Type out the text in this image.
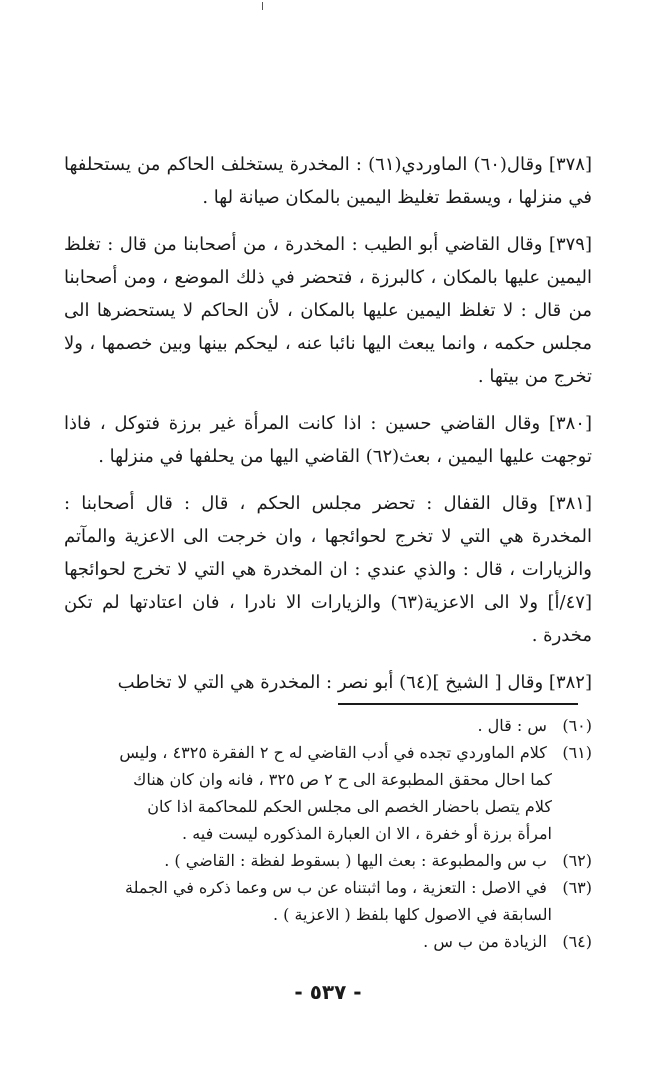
[٣٧٨] وقال(٦٠) الماوردي(٦١) : المخدرة يستخلف الحاكم من يستحلفها في منزلها ، ويسقط تغليظ اليمين بالمكان صيانة لها .

[٣٧٩] وقال القاضي أبو الطيب : المخدرة ، من أصحابنا من قال : تغلظ اليمين عليها بالمكان ، كالبرزة ، فتحضر في ذلك الموضع ، ومن أصحابنا من قال : لا تغلظ اليمين عليها بالمكان ، لأن الحاكم لا يستحضرها الى مجلس حكمه ، وانما يبعث اليها نائبا عنه ، ليحكم بينها وبين خصمها ، ولا تخرج من بيتها .

[٣٨٠] وقال القاضي حسين : اذا كانت المرأة غير برزة فتوكل ، فاذا توجهت عليها اليمين ، بعث(٦٢) القاضي اليها من يحلفها في منزلها .

[٣٨١] وقال القفال : تحضر مجلس الحكم ، قال : قال أصحابنا : المخدرة هي التي لا تخرج لحوائجها ، وان خرجت الى الاعزية والمآتم والزيارات ، قال : والذي عندي : ان المخدرة هي التي لا تخرج لحوائجها [٤٧/أ] ولا الى الاعزية(٦٣) والزيارات الا نادرا ، فان اعتادتها لم تكن مخدرة .

[٣٨٢] وقال [ الشيخ ](٦٤) أبو نصر : المخدرة هي التي لا تخاطب

(٦٠) س : قال .

(٦١) كلام الماوردي تجده في أدب القاضي له ح ٢ الفقرة ٤٣٢٥ ، وليس

كما احال محقق المطبوعة الى ح ٢ ص ٣٢٥ ، فانه وان كان هناك

كلام يتصل باحضار الخصم الى مجلس الحكم للمحاكمة اذا كان

امرأة برزة أو خفرة ، الا ان العبارة المذكوره ليست فيه .

(٦٢) ب س والمطبوعة : بعث اليها ( بسقوط لفظة : القاضي ) .

(٦٣) في الاصل : التعزية ، وما اثبتناه عن ب س وعما ذكره في الجملة

السابقة في الاصول كلها بلفظ ( الاعزية ) .

(٦٤) الزيادة من ب س .

- ٥٣٧ -
